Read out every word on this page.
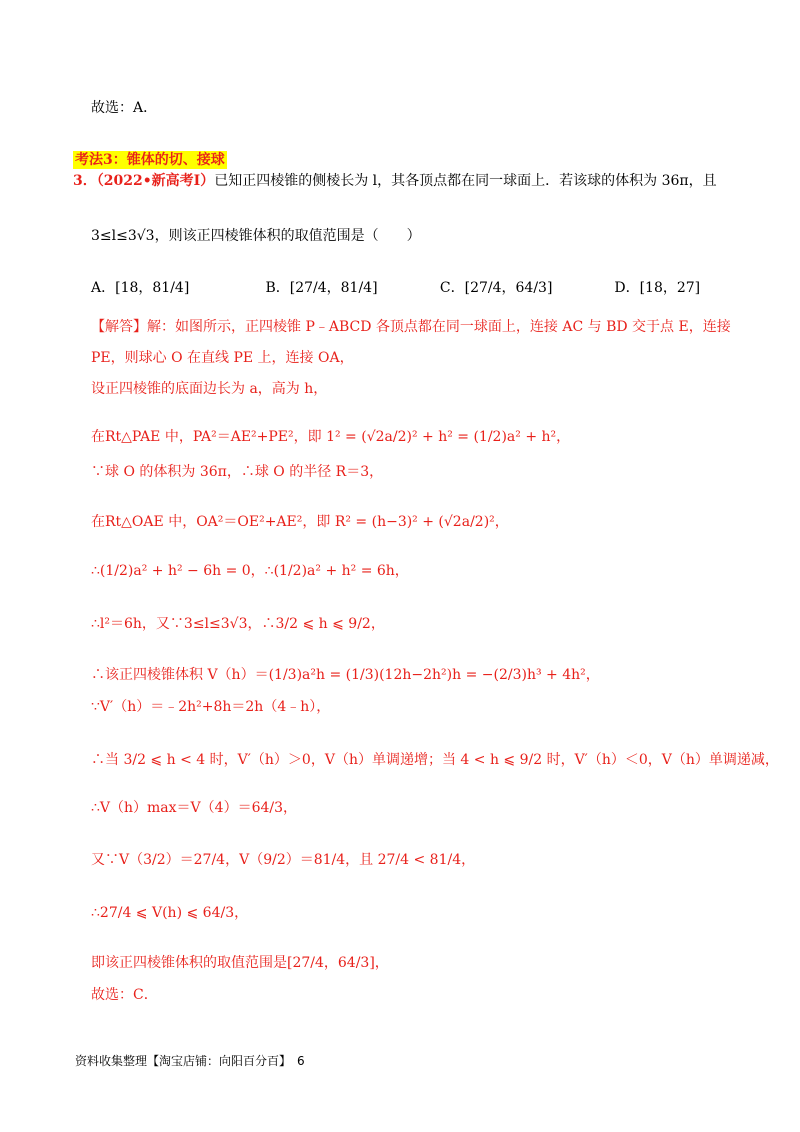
故选：A．
考法3：锥体的切、接球
3．（2022•新高考Ⅰ）已知正四棱锥的侧棱长为 l，其各顶点都在同一球面上．若该球的体积为 36π，且
3≤l≤3√3，则该正四棱锥体积的取值范围是（　　）
A．[18，81/4]	B．[27/4，81/4]	C．[27/4，64/3]	D．[18，27]
【解答】解：如图所示，正四棱锥 P﹣ABCD 各顶点都在同一球面上，连接 AC 与 BD 交于点 E，连接
PE，则球心 O 在直线 PE 上，连接 OA，
设正四棱锥的底面边长为 a，高为 h，
在Rt△PAE 中，PA²＝AE²+PE²，即 1² = (√2a/2)² + h² = (1/2)a² + h²，
∵球 O 的体积为 36π，∴球 O 的半径 R＝3，
在Rt△OAE 中，OA²＝OE²+AE²，即 R² = (h−3)² + (√2a/2)²，
∴(1/2)a² + h² − 6h = 0，∴(1/2)a² + h² = 6h，
∴l²＝6h，又∵3≤l≤3√3，∴3/2 ⩽ h ⩽ 9/2，
∴该正四棱锥体积 V（h）＝(1/3)a²h = (1/3)(12h−2h²)h = −(2/3)h³ + 4h²，
∵V′（h）＝﹣2h²+8h＝2h（4﹣h），
∴当 3/2 ⩽ h < 4 时，V′（h）＞0，V（h）单调递增；当 4 < h ⩽ 9/2 时，V′（h）＜0，V（h）单调递减，
∴V（h）max＝V（4）＝64/3，
又∵V（3/2）＝27/4，V（9/2）＝81/4，且 27/4 < 81/4，
∴27/4 ⩽ V(h) ⩽ 64/3，
即该正四棱锥体积的取值范围是[27/4，64/3]，
故选：C．
资料收集整理【淘宝店铺：向阳百分百】　6
